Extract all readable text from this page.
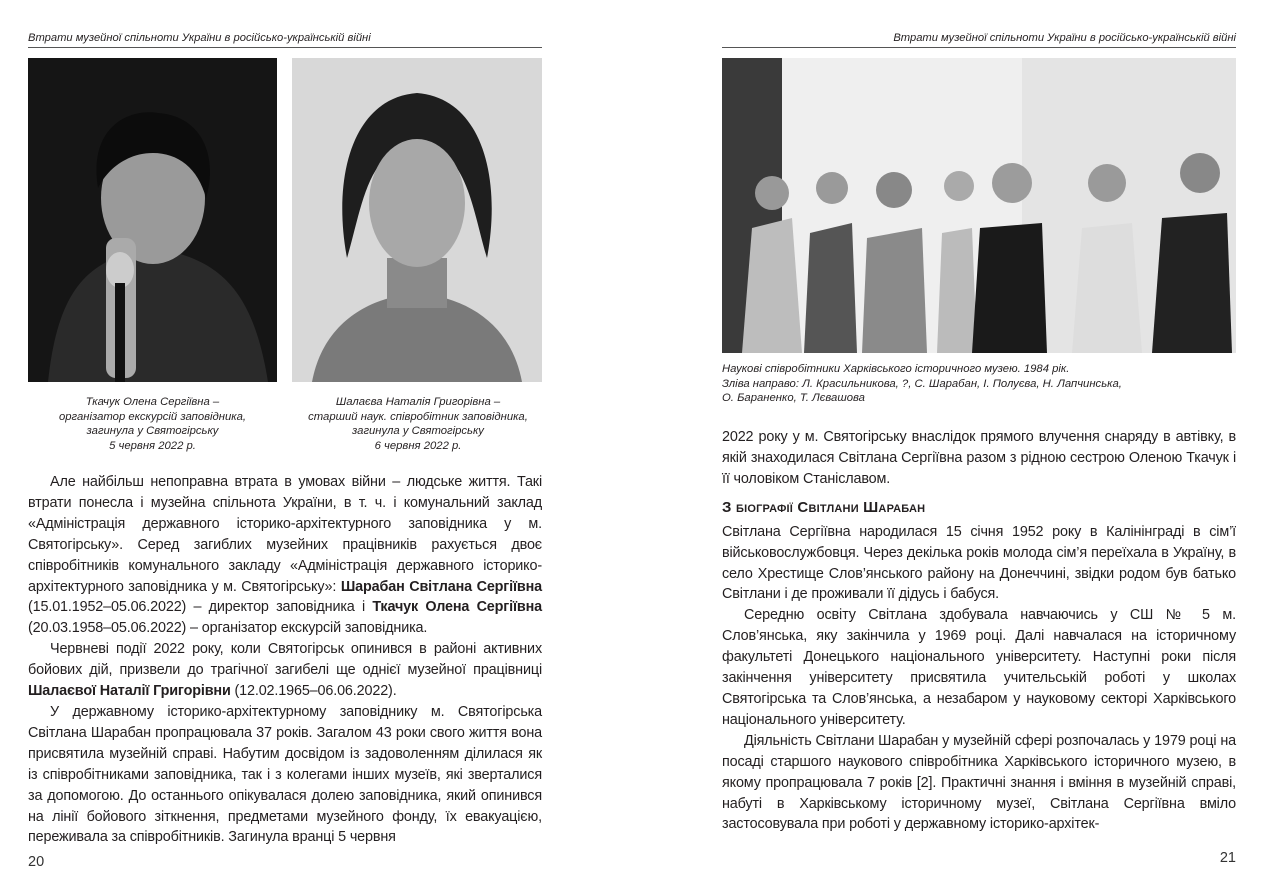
Втрати музейної спільноти України в російсько-українській війні
Ткачук Олена Сергіївна –
організатор екскурсій заповідника,
загинула у Святогірську
5 червня 2022 р.
Шалаєва Наталія Григорівна –
старший наук. співробітник заповідника,
загинула у Святогірську
6 червня 2022 р.

Але найбільш непоправна втрата в умовах війни – людське життя. Такі втрати понесла і музейна спільнота України, в т. ч. і комунальний заклад «Адміністрація державного історико-архітектурного заповідника у м. Святогірську». Серед загиблих музейних працівників рахується двоє співробітників комунального закладу «Адміністрація державного історико-архітектурного заповідника у м. Святогірську»: Шарабан Світлана Сергіївна (15.01.1952–05.06.2022) – директор заповідника і Ткачук Олена Сергіївна (20.03.1958–05.06.2022) – організатор екскурсій заповідника.

Червневі події 2022 року, коли Святогірськ опинився в районі активних бойових дій, призвели до трагічної загибелі ще однієї музейної працівниці Шалаєвої Наталії Григорівни (12.02.1965–06.06.2022).

У державному історико-архітектурному заповіднику м. Святогірська Світлана Шарабан пропрацювала 37 років. Загалом 43 роки свого життя вона присвятила музейній справі. Набутим досвідом із задоволенням ділилася як із співробітниками заповідника, так і з колегами інших музеїв, які зверталися за допомогою. До останнього опікувалася долею заповідника, який опинився на лінії бойового зіткнення, предметами музейного фонду, їх евакуацією, переживала за співробітників. Загинула вранці 5 червня

20
Втрати музейної спільноти України в російсько-українській війні
Наукові співробітники Харківського історичного музею. 1984 рік.
Зліва направо: Л. Красильникова, ?, С. Шарабан, І. Полуєва, Н. Лапчинська,
О. Бараненко, Т. Лєвашова

2022 року у м. Святогірську внаслідок прямого влучення снаряду в автівку, в якій знаходилася Світлана Сергіївна разом з рідною сестрою Оленою Ткачук і її чоловіком Станіславом.

З біографії Світлани Шарабан

Світлана Сергіївна народилася 15 січня 1952 року в Калінінграді в сім’ї військовослужбовця. Через декілька років молода сім’я переїхала в Україну, в село Хрестище Слов’янського району на Донеччині, звідки родом був батько Світлани і де проживали її дідусь і бабуся.

Середню освіту Світлана здобувала навчаючись у СШ № 5 м. Слов’янська, яку закінчила у 1969 році. Далі навчалася на історичному факультеті Донецького національного університету. Наступні роки після закінчення університету присвятила учительській роботі у школах Святогірська та Слов’янська, а незабаром у науковому секторі Харківського національного університету.

Діяльність Світлани Шарабан у музейній сфері розпочалась у 1979 році на посаді старшого наукового співробітника Харківського історичного музею, в якому пропрацювала 7 років [2]. Практичні знання і вміння в музейній справі, набуті в Харківському історичному музеї, Світлана Сергіївна вміло застосовувала при роботі у державному історико-архітек-

21
